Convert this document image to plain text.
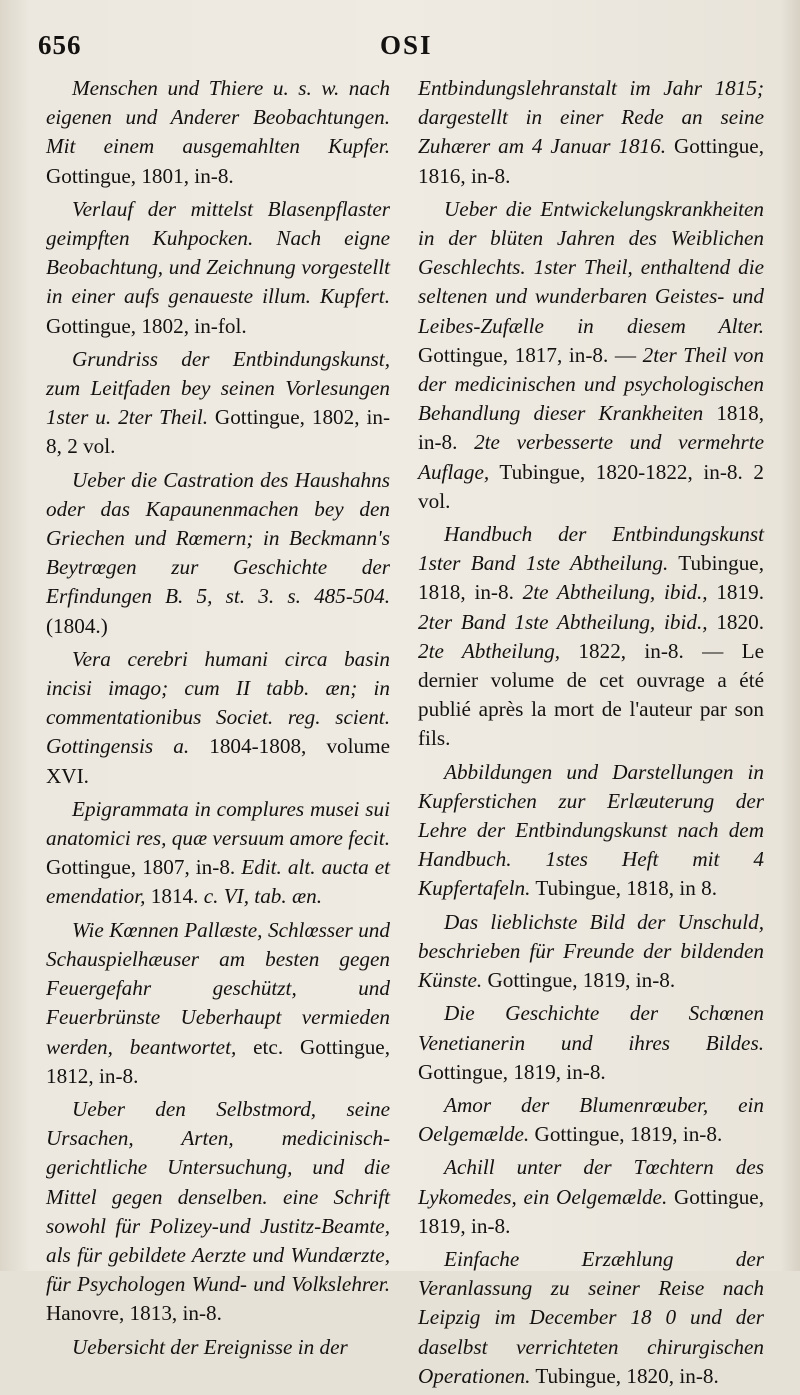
656	OSI

Menschen und Thiere u. s. w. nach eigenen und Anderer Beobachtungen. Mit einem ausgemahlten Kupfer. Gottingue, 1801, in-8.

Verlauf der mittelst Blasenpflaster geimpften Kuhpocken. Nach eigne Beobachtung, und Zeichnung vorgestellt in einer aufs genaueste illum. Kupfert. Gottingue, 1802, in-fol.

Grundriss der Entbindungskunst, zum Leitfaden bey seinen Vorlesungen 1ster u. 2ter Theil. Gottingue, 1802, in-8, 2 vol.

Ueber die Castration des Haushahns oder das Kapaunenmachen bey den Griechen und Rœmern; in Beckmann's Beytrœgen zur Geschichte der Erfindungen B. 5, st. 3. s. 485-504. (1804.)

Vera cerebri humani circa basin incisi imago; cum II tabb. æn; in commentationibus Societ. reg. scient. Gottingensis a. 1804-1808, volume XVI.

Epigrammata in complures musei sui anatomici res, quæ versuum amore fecit. Gottingue, 1807, in-8. Edit. alt. aucta et emendatior, 1814. c. VI, tab. æn.

Wie Kœnnen Pallæste, Schlœsser und Schauspielhæuser am besten gegen Feuergefahr geschützt, und Feuerbrünste Ueberhaupt vermieden werden, beantwortet, etc. Gottingue, 1812, in-8.

Ueber den Selbstmord, seine Ursachen, Arten, medicinisch-gerichtliche Untersuchung, und die Mittel gegen denselben. eine Schrift sowohl für Polizey-und Justitz-Beamte, als für gebildete Aerzte und Wundærzte, für Psychologen Wund- und Volkslehrer. Hanovre, 1813, in-8.

Uebersicht der Ereignisse in der

Entbindungslehranstalt im Jahr 1815; dargestellt in einer Rede an seine Zuhærer am 4 Januar 1816. Gottingue, 1816, in-8.

Ueber die Entwickelungskrankheiten in der blüten Jahren des Weiblichen Geschlechts. 1ster Theil, enthaltend die seltenen und wunderbaren Geistes- und Leibes-Zufælle in diesem Alter. Gottingue, 1817, in-8. — 2ter Theil von der medicinischen und psychologischen Behandlung dieser Krankheiten 1818, in-8. 2te verbesserte und vermehrte Auflage, Tubingue, 1820-1822, in-8. 2 vol.

Handbuch der Entbindungskunst 1ster Band 1ste Abtheilung. Tubingue, 1818, in-8. 2te Abtheilung, ibid., 1819. 2ter Band 1ste Abtheilung, ibid., 1820. 2te Abtheilung, 1822, in-8. — Le dernier volume de cet ouvrage a été publié après la mort de l'auteur par son fils.

Abbildungen und Darstellungen in Kupferstichen zur Erlæuterung der Lehre der Entbindungskunst nach dem Handbuch. 1stes Heft mit 4 Kupfertafeln. Tubingue, 1818, in 8.

Das lieblichste Bild der Unschuld, beschrieben für Freunde der bildenden Künste. Gottingue, 1819, in-8.

Die Geschichte der Schœnen Venetianerin und ihres Bildes. Gottingue, 1819, in-8.

Amor der Blumenrœuber, ein Oelgemælde. Gottingue, 1819, in-8.

Achill unter der Tœchtern des Lykomedes, ein Oelgemælde. Gottingue, 1819, in-8.

Einfache Erzæhlung der Veranlassung zu seiner Reise nach Leipzig im December 18 0 und der daselbst verrichteten chirurgischen Operationen. Tubingue, 1820, in-8.
